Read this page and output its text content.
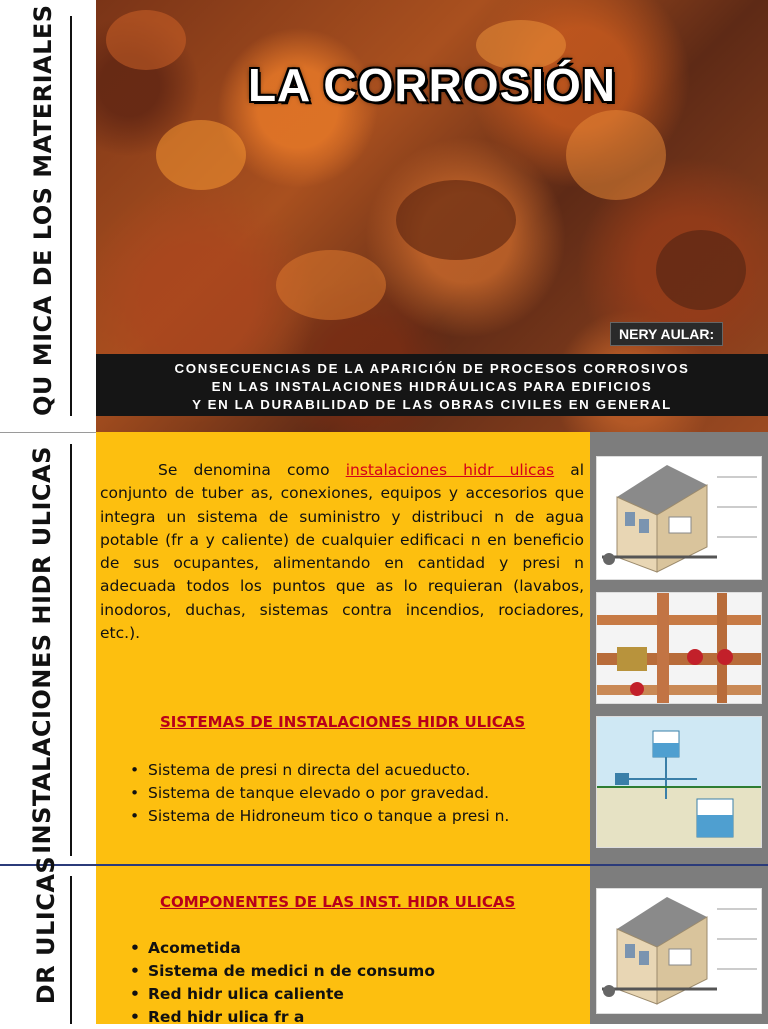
QU MICA DE LOS MATERIALES
INSTALACIONES HIDR ULICAS
DR ULICAS
LA CORROSIÓN
NERY AULAR:
CONSECUENCIAS DE LA APARICIÓN DE PROCESOS CORROSIVOS
EN LAS INSTALACIONES HIDRÁULICAS PARA EDIFICIOS
Y EN LA DURABILIDAD DE LAS OBRAS CIVILES EN GENERAL
Se denomina como instalaciones hidr ulicas al conjunto de tuber as, conexiones, equipos y accesorios que integra un sistema de suministro y distribuci n de agua potable (fr a y caliente) de cualquier edificaci n en beneficio de sus ocupantes, alimentando en cantidad y presi n adecuada todos los puntos que as lo requieran (lavabos, inodoros, duchas, sistemas contra incendios, rociadores, etc.).
SISTEMAS DE INSTALACIONES HIDR ULICAS
• Sistema de presi n directa del acueducto.
• Sistema de tanque elevado o por gravedad.
• Sistema de Hidroneum tico o tanque a presi n.
COMPONENTES DE LAS INST. HIDR ULICAS
• Acometida
• Sistema de medici n de consumo
• Red hidr ulica caliente
• Red hidr ulica fr a
